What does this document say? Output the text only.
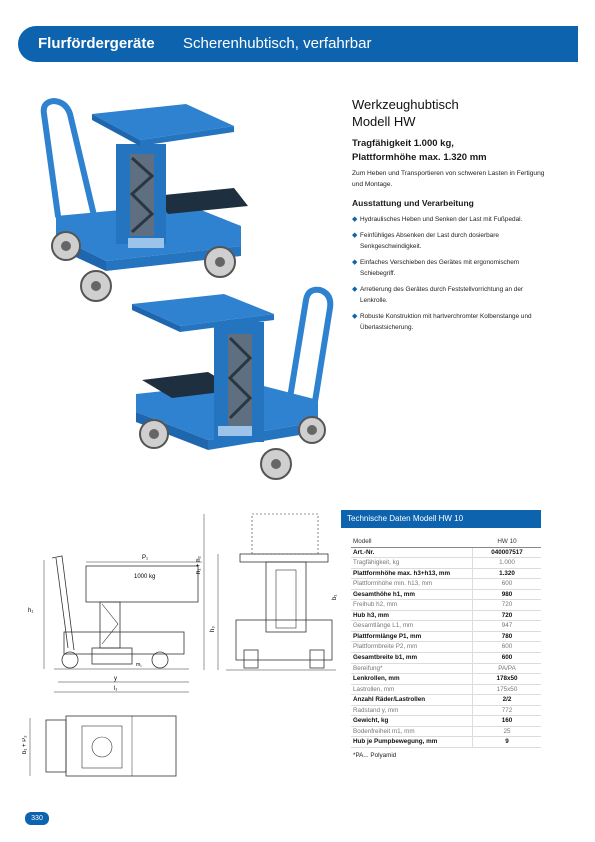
Flurfördergeräte Scherenhubtisch, verfahrbar
Werkzeughubtisch
Modell HW
Tragfähigkeit 1.000 kg,
Plattformhöhe max. 1.320 mm
Zum Heben und Transportieren von schweren Lasten in Fertigung und Montage.
Ausstattung und Verarbeitung
◆ Hydraulisches Heben und Senken der Last mit Fußpedal.
◆ Feinfühliges Absenken der Last durch dosierbare Senkgeschwindigkeit.
◆ Einfaches Verschieben des Gerätes mit ergonomischem Schiebegriff.
◆ Arretierung des Gerätes durch Feststellvorrichtung an der Lenkrolle.
◆ Robuste Konstruktion mit hartverchromter Kolbenstange und Überlastsicherung.
P₁
1000 kg
h₁
y
l₁
m₁
h₁ + h₂
h₃
b₁
b₁ + P₂
Technische Daten Modell HW 10
Modell	HW 10
Art.-Nr.	040007517
Tragfähigkeit, kg	1.000
Plattformhöhe max. h3+h13, mm	1.320
Plattformhöhe min. h13, mm	600
Gesamthöhe h1, mm	980
Freihub h2, mm	720
Hub h3, mm	720
Gesamtlänge L1, mm	947
Plattformlänge P1, mm	780
Plattformbreite P2, mm	600
Gesamtbreite b1, mm	600
Bereifung*	PA/PA
Lenkrollen, mm	178x50
Lastrollen, mm	175x50
Anzahl Räder/Lastrollen	2/2
Radstand y, mm	772
Gewicht, kg	160
Bodenfreiheit m1, mm	25
Hub je Pumpbewegung, mm	9
*PA... Polyamid
330
